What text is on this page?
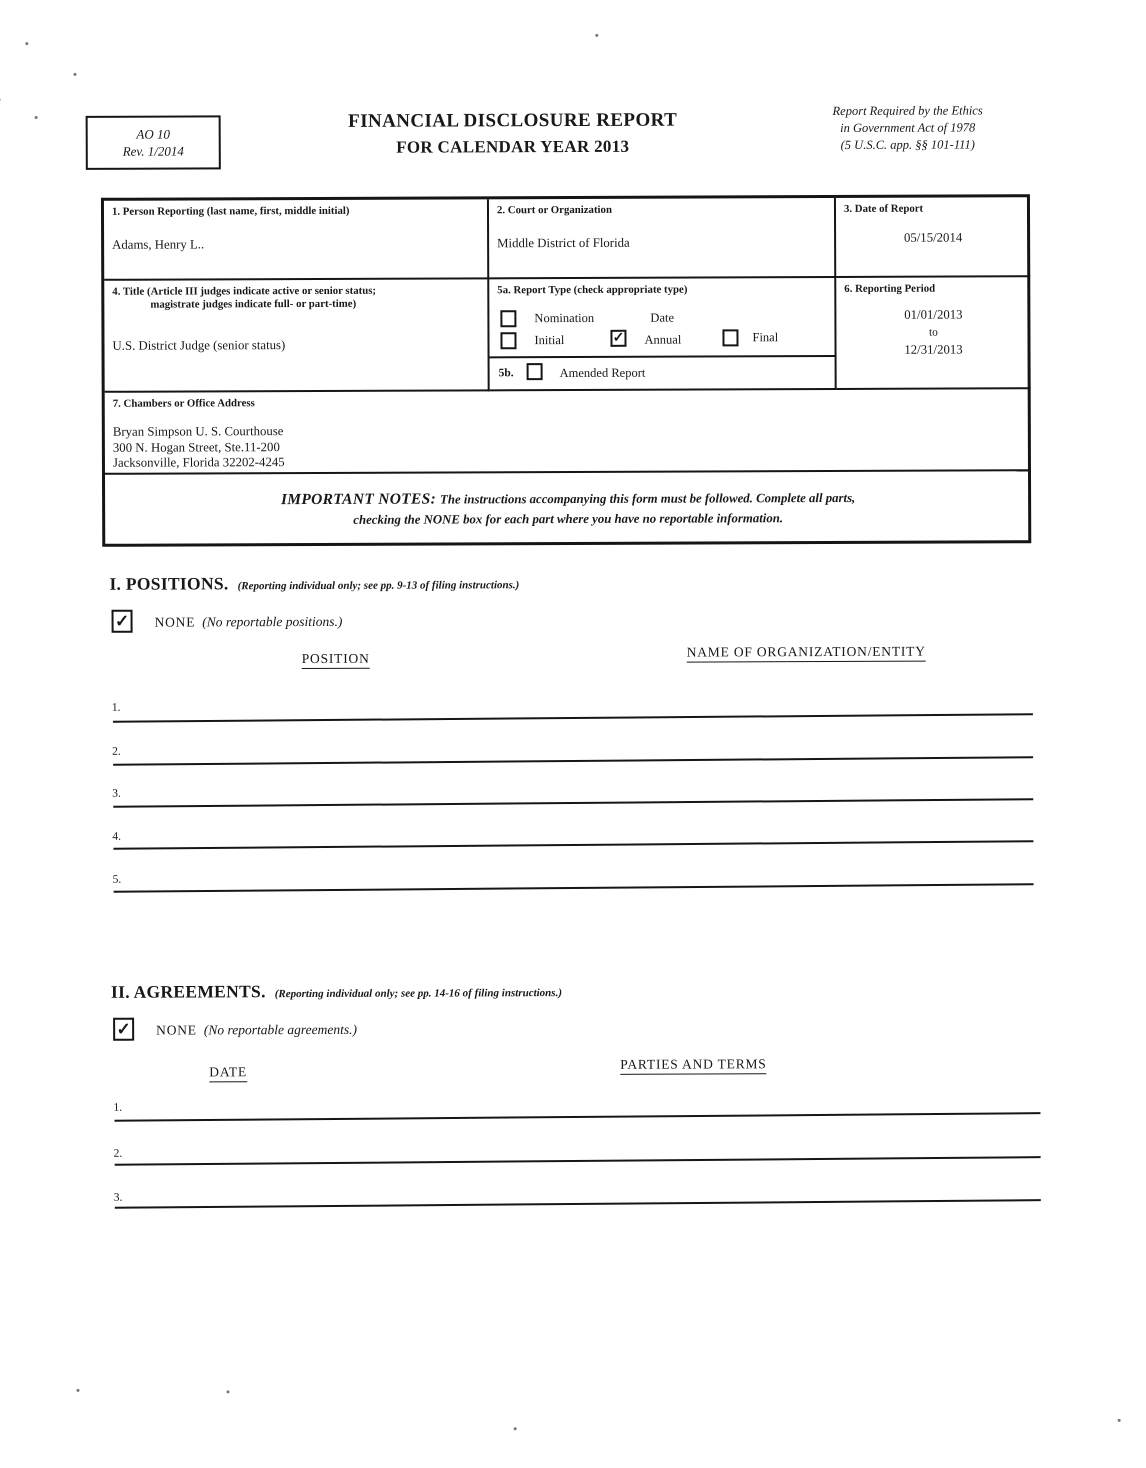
AO 10
Rev. 1/2014
FINANCIAL DISCLOSURE REPORT
FOR CALENDAR YEAR 2013
Report Required by the Ethics
in Government Act of 1978
(5 U.S.C. app. §§ 101-111)
1. Person Reporting (last name, first, middle initial)
Adams, Henry L..
2. Court or Organization
Middle District of Florida
3. Date of Report
05/15/2014
4. Title (Article III judges indicate active or senior status;
magistrate judges indicate full- or part-time)
U.S. District Judge (senior status)
5a. Report Type (check appropriate type)
Nomination	Date
Initial	✓ Annual	Final
5b.	Amended Report
6. Reporting Period
01/01/2013
to
12/31/2013
7. Chambers or Office Address
Bryan Simpson U. S. Courthouse
300 N. Hogan Street, Ste.11-200
Jacksonville, Florida 32202-4245
IMPORTANT NOTES: The instructions accompanying this form must be followed. Complete all parts,
checking the NONE box for each part where you have no reportable information.
I. POSITIONS. (Reporting individual only; see pp. 9-13 of filing instructions.)
✓ NONE (No reportable positions.)
POSITION	NAME OF ORGANIZATION/ENTITY
1.
2.
3.
4.
5.
II. AGREEMENTS. (Reporting individual only; see pp. 14-16 of filing instructions.)
✓ NONE (No reportable agreements.)
DATE
PARTIES AND TERMS
1.
2.
3.
